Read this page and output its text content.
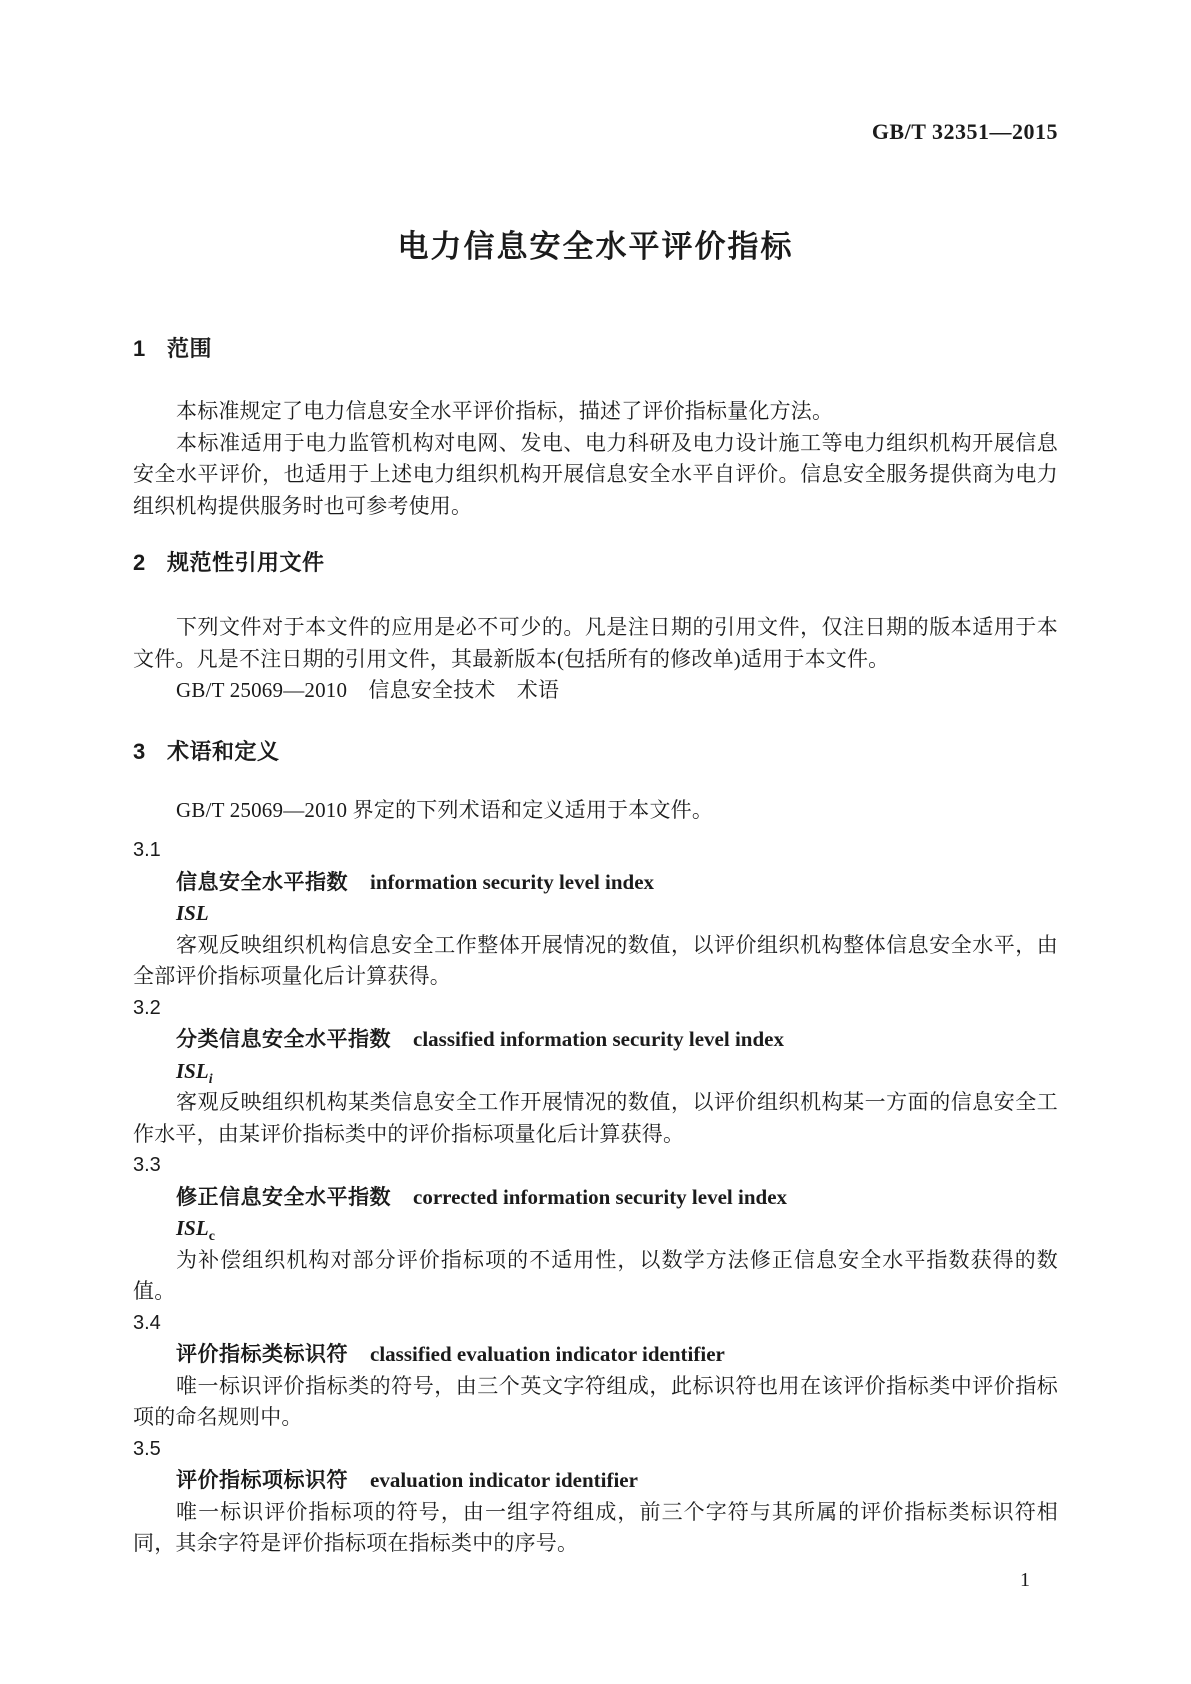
GB/T 32351—2015
电力信息安全水平评价指标
1 范围

本标准规定了电力信息安全水平评价指标，描述了评价指标量化方法。

本标准适用于电力监管机构对电网、发电、电力科研及电力设计施工等电力组织机构开展信息安全水平评价，也适用于上述电力组织机构开展信息安全水平自评价。信息安全服务提供商为电力组织机构提供服务时也可参考使用。

2 规范性引用文件

下列文件对于本文件的应用是必不可少的。凡是注日期的引用文件，仅注日期的版本适用于本文件。凡是不注日期的引用文件，其最新版本(包括所有的修改单)适用于本文件。

GB/T 25069—2010　信息安全技术　术语

3 术语和定义

GB/T 25069—2010 界定的下列术语和定义适用于本文件。

3.1

信息安全水平指数 information security level index

ISL

客观反映组织机构信息安全工作整体开展情况的数值，以评价组织机构整体信息安全水平，由全部评价指标项量化后计算获得。

3.2

分类信息安全水平指数 classified information security level index

$ISL_i$

客观反映组织机构某类信息安全工作开展情况的数值，以评价组织机构某一方面的信息安全工作水平，由某评价指标类中的评价指标项量化后计算获得。

3.3

修正信息安全水平指数 corrected information security level index

$ISL_c$

为补偿组织机构对部分评价指标项的不适用性，以数学方法修正信息安全水平指数获得的数值。

3.4

评价指标类标识符 classified evaluation indicator identifier

唯一标识评价指标类的符号，由三个英文字符组成，此标识符也用在该评价指标类中评价指标项的命名规则中。

3.5

评价指标项标识符 evaluation indicator identifier

唯一标识评价指标项的符号，由一组字符组成，前三个字符与其所属的评价指标类标识符相同，其余字符是评价指标项在指标类中的序号。

1
